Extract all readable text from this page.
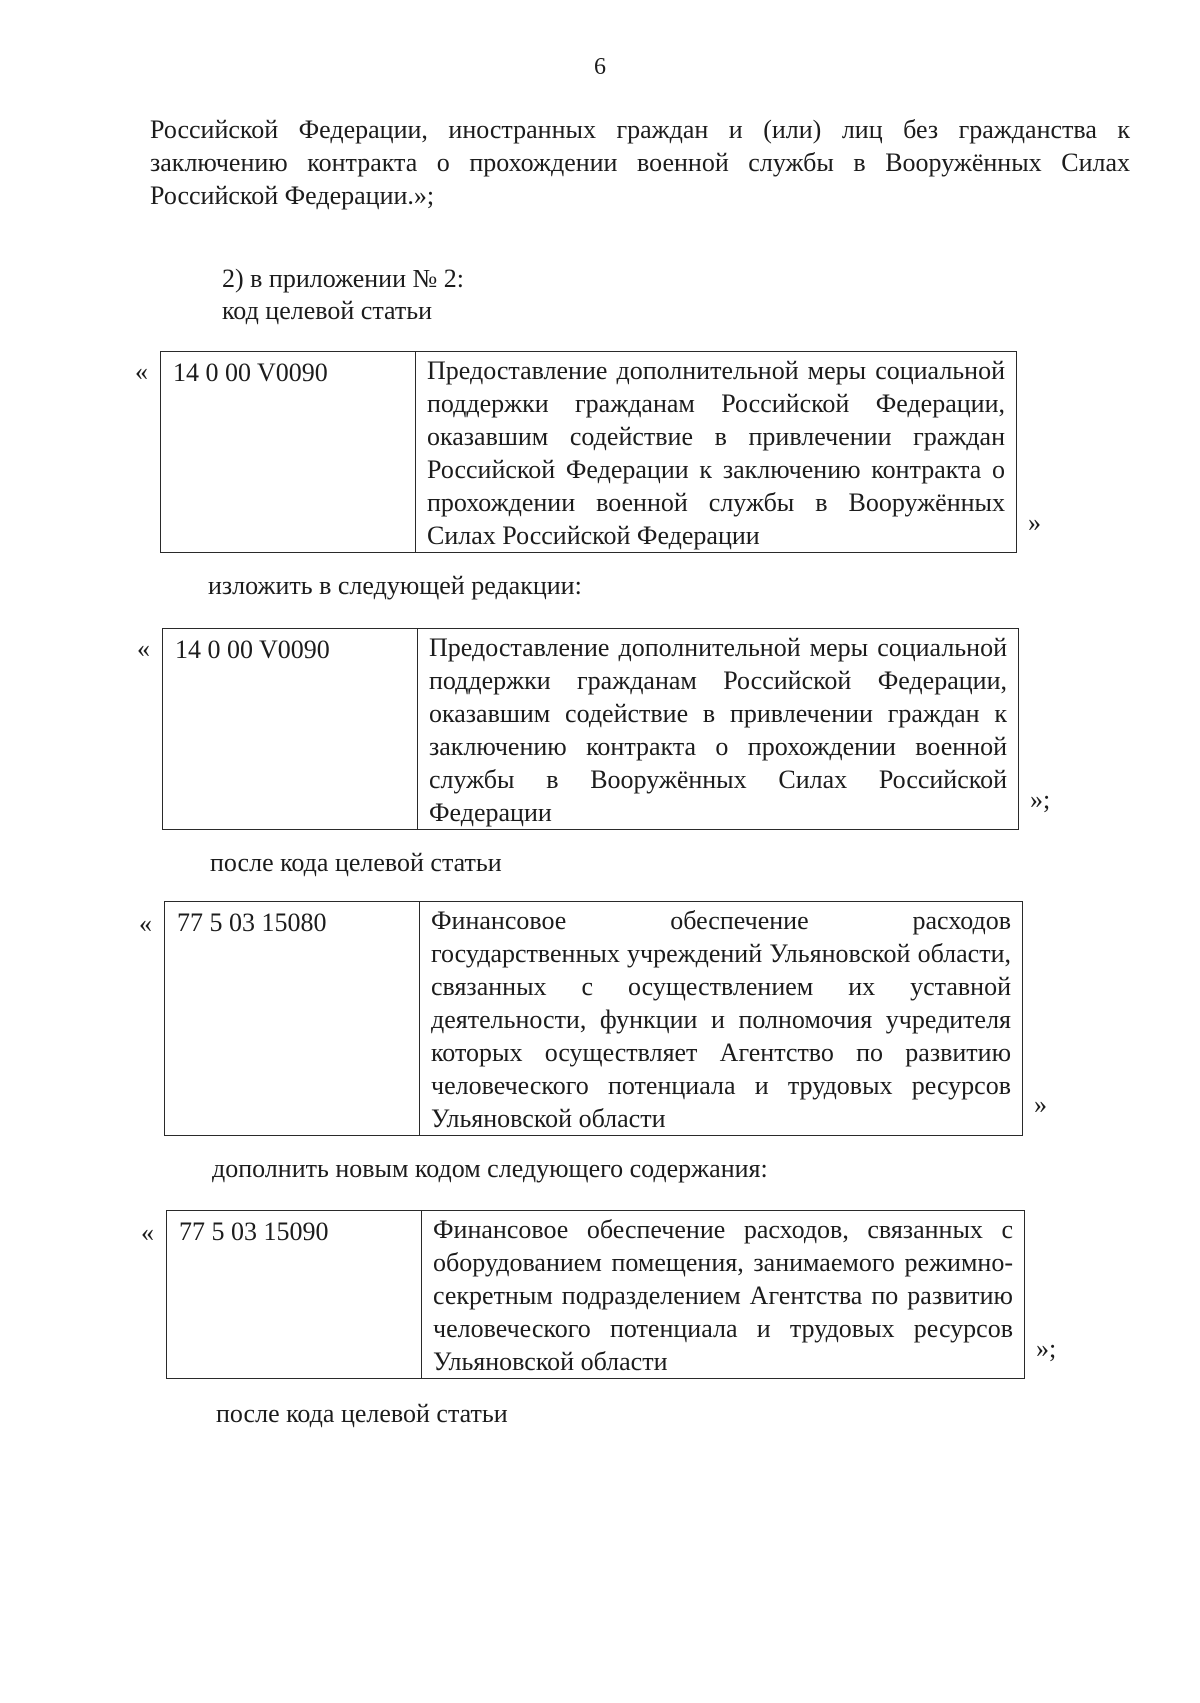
6
Российской Федерации, иностранных граждан и (или) лиц без гражданства к заключению контракта о прохождении военной службы в Вооружённых Силах Российской Федерации.»;
2) в приложении № 2:
код целевой статьи
« 14 0 00 V0090	Предоставление дополнительной меры социальной поддержки гражданам Российской Федерации, оказавшим содействие в привлечении граждан Российской Федерации к заключению контракта о прохождении военной службы в Вооружённых Силах Российской Федерации	»
изложить в следующей редакции:
« 14 0 00 V0090	Предоставление дополнительной меры социальной поддержки гражданам Российской Федерации, оказавшим содействие в привлечении граждан к заключению контракта о прохождении военной службы в Вооружённых Силах Российской Федерации	»;
после кода целевой статьи
« 77 5 03 15080	Финансовое обеспечение расходов государственных учреждений Ульяновской области, связанных с осуществлением их уставной деятельности, функции и полномочия учредителя которых осуществляет Агентство по развитию человеческого потенциала и трудовых ресурсов Ульяновской области	»
дополнить новым кодом следующего содержания:
« 77 5 03 15090	Финансовое обеспечение расходов, связанных с оборудованием помещения, занимаемого режимно-секретным подразделением Агентства по развитию человеческого потенциала и трудовых ресурсов Ульяновской области	»;
после кода целевой статьи
